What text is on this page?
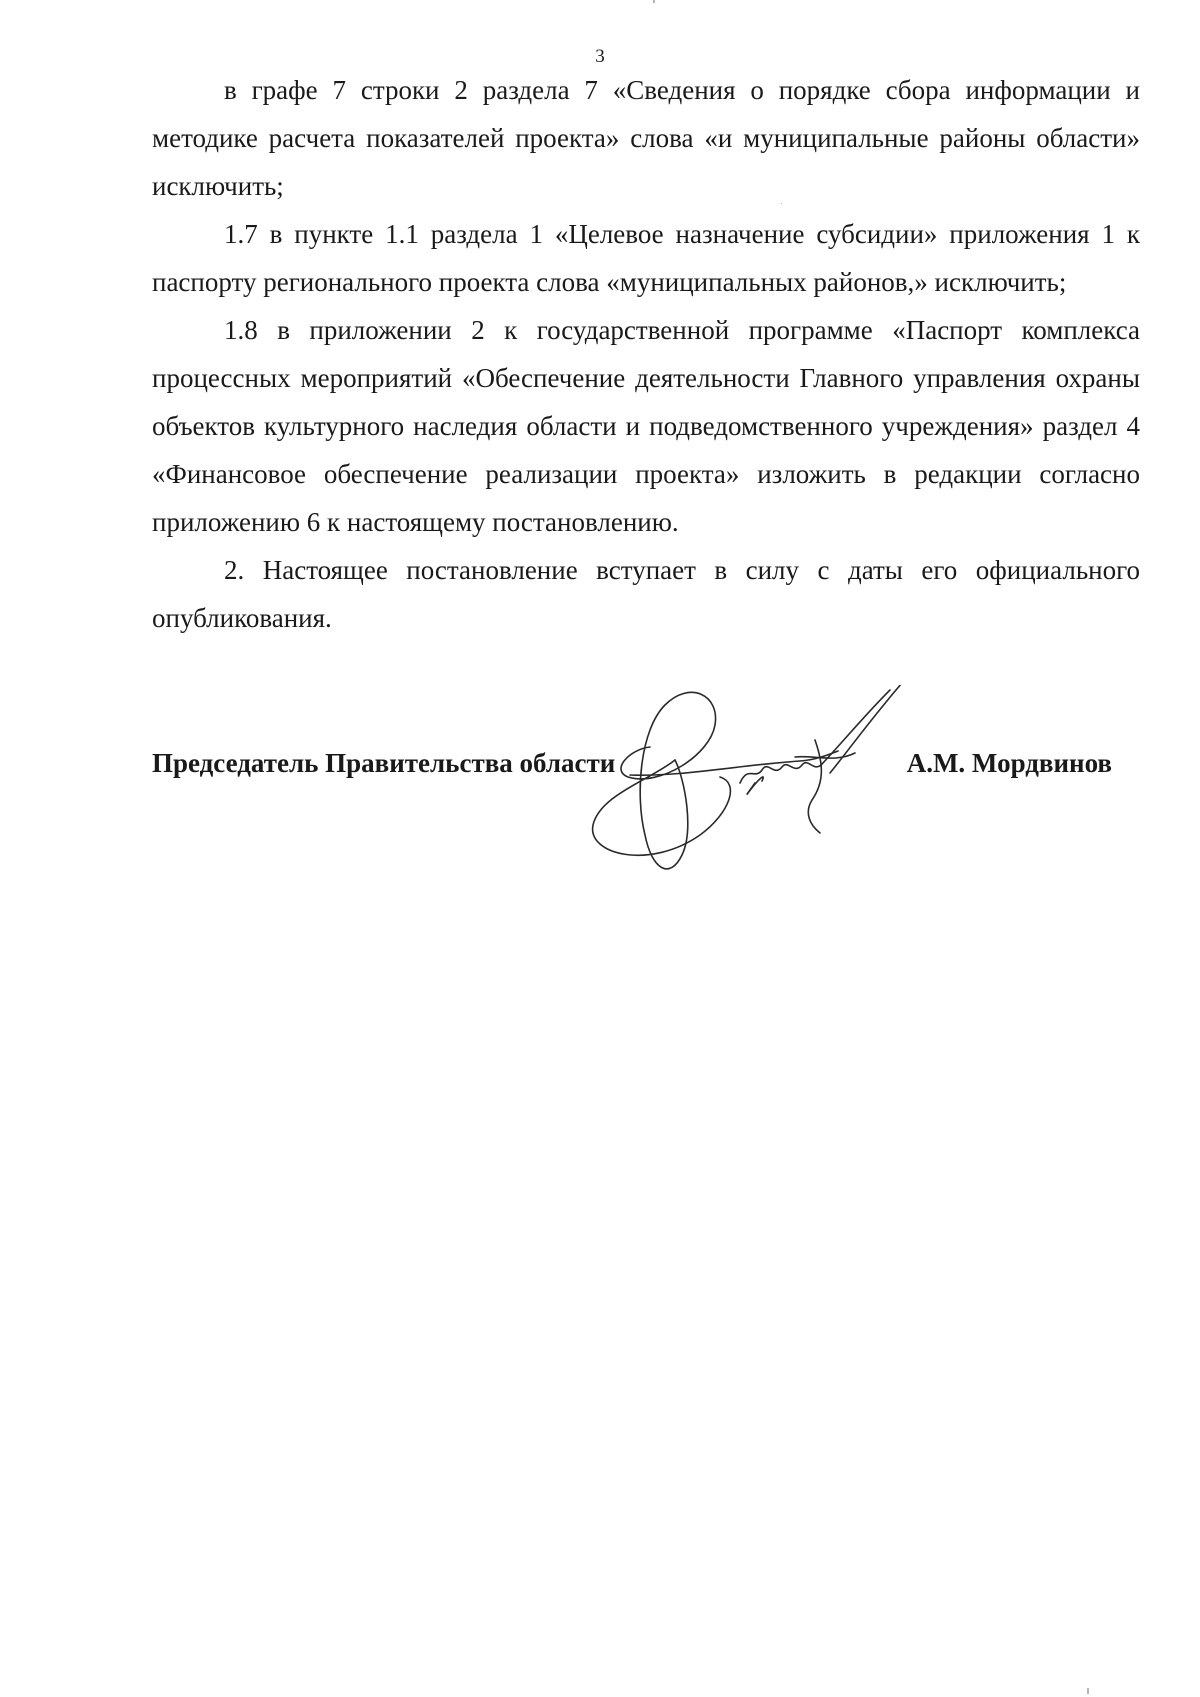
3

в графе 7 строки 2 раздела 7 «Сведения о порядке сбора информации и методике расчета показателей проекта» слова «и муниципальные районы области» исключить;

1.7 в пункте 1.1 раздела 1 «Целевое назначение субсидии» приложения 1 к паспорту регионального проекта слова «муниципальных районов,» исключить;

1.8 в приложении 2 к государственной программе «Паспорт комплекса процессных мероприятий «Обеспечение деятельности Главного управления охраны объектов культурного наследия области и подведомственного учреждения» раздел 4 «Финансовое обеспечение реализации проекта» изложить в редакции согласно приложению 6 к настоящему постановлению.

2. Настоящее постановление вступает в силу с даты его официального опубликования.

Председатель Правительства области	А.М. Мордвинов
